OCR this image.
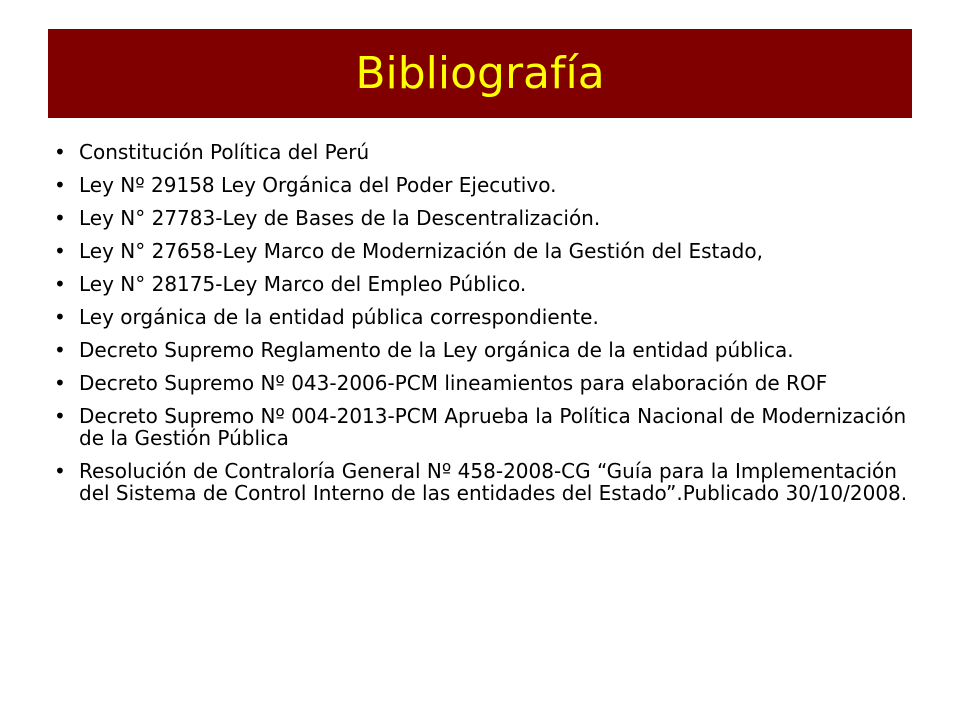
Bibliografía
• Constitución Política del Perú
• Ley Nº 29158 Ley Orgánica del Poder Ejecutivo.
• Ley N° 27783-Ley de Bases de la Descentralización.
• Ley N° 27658-Ley Marco de Modernización de la Gestión del Estado,
• Ley N° 28175-Ley Marco del Empleo Público.
• Ley orgánica de la entidad pública correspondiente.
• Decreto Supremo Reglamento de la Ley orgánica de la entidad pública.
• Decreto Supremo Nº 043-2006-PCM lineamientos para elaboración de ROF
• Decreto Supremo Nº 004-2013-PCM Aprueba la Política Nacional de Modernización de la Gestión Pública
• Resolución de Contraloría General Nº 458-2008-CG “Guía para la Implementación del Sistema de Control Interno de las entidades del Estado”.Publicado 30/10/2008.
